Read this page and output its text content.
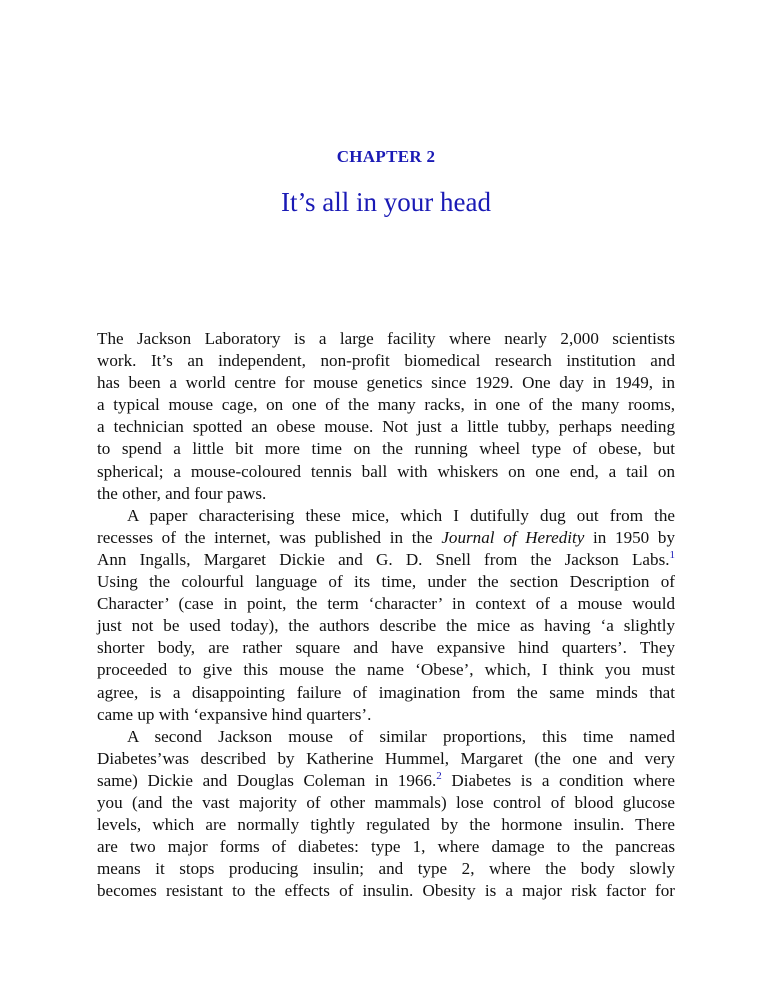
CHAPTER 2
It’s all in your head
The Jackson Laboratory is a large facility where nearly 2,000 scientists
work. It’s an independent, non-profit biomedical research institution and
has been a world centre for mouse genetics since 1929. One day in 1949, in
a typical mouse cage, on one of the many racks, in one of the many rooms,
a technician spotted an obese mouse. Not just a little tubby, perhaps needing
to spend a little bit more time on the running wheel type of obese, but
spherical; a mouse-coloured tennis ball with whiskers on one end, a tail on
the other, and four paws.
A paper characterising these mice, which I dutifully dug out from the
recesses of the internet, was published in the Journal of Heredity in 1950 by
Ann Ingalls, Margaret Dickie and G. D. Snell from the Jackson Labs.$^1$
Using the colourful language of its time, under the section Description of
Character’ (case in point, the term ‘character’ in context of a mouse would
just not be used today), the authors describe the mice as having ‘a slightly
shorter body, are rather square and have expansive hind quarters’. They
proceeded to give this mouse the name ‘Obese’, which, I think you must
agree, is a disappointing failure of imagination from the same minds that
came up with ‘expansive hind quarters’.
A second Jackson mouse of similar proportions, this time named
Diabetes’was described by Katherine Hummel, Margaret (the one and very
same) Dickie and Douglas Coleman in 1966.$^2$ Diabetes is a condition where
you (and the vast majority of other mammals) lose control of blood glucose
levels, which are normally tightly regulated by the hormone insulin. There
are two major forms of diabetes: type 1, where damage to the pancreas
means it stops producing insulin; and type 2, where the body slowly
becomes resistant to the effects of insulin. Obesity is a major risk factor for
